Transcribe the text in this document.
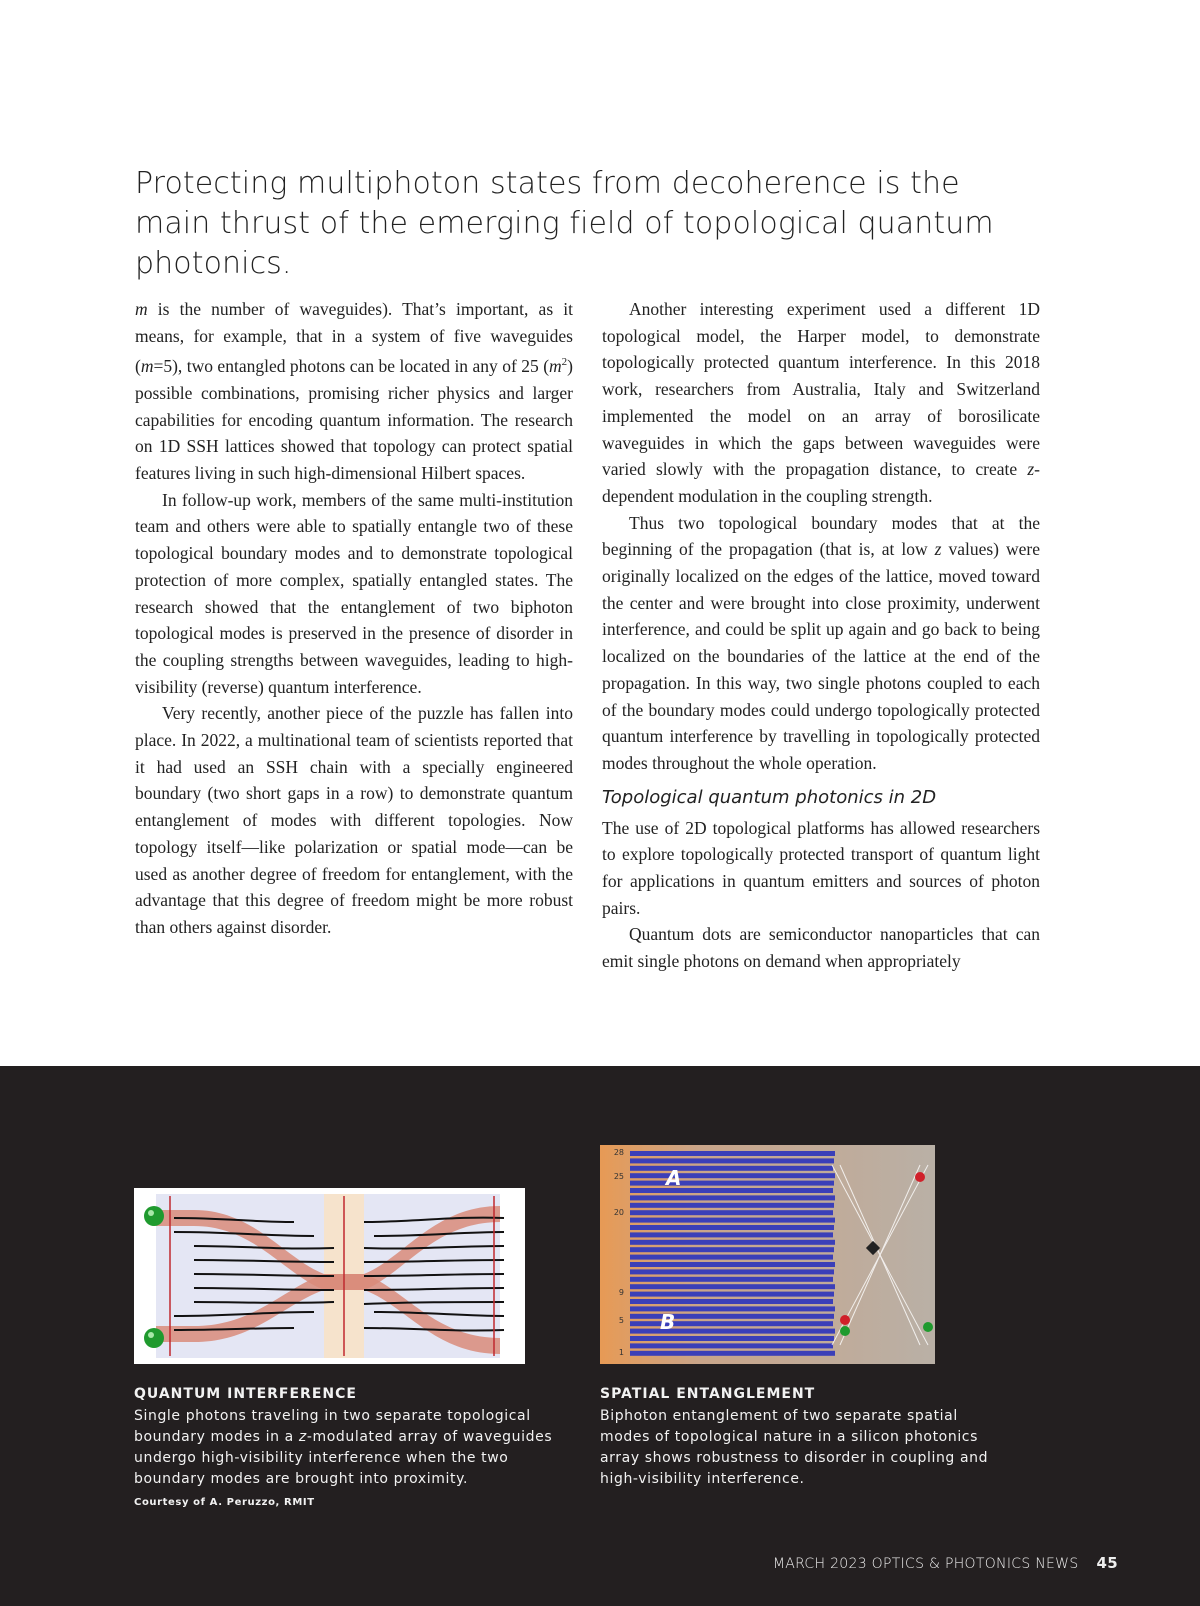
Protecting multiphoton states from decoherence is the main thrust of the emerging field of topological quantum photonics.

m is the number of waveguides). That’s important, as it means, for example, that in a system of five waveguides (m=5), two entangled photons can be located in any of 25 $(m^2)$ possible combinations, promising richer physics and larger capabilities for encoding quantum information. The research on 1D SSH lattices showed that topology can protect spatial features living in such high-dimensional Hilbert spaces.

In follow-up work, members of the same multi-institution team and others were able to spatially entangle two of these topological boundary modes and to demonstrate topological protection of more complex, spatially entangled states. The research showed that the entanglement of two biphoton topological modes is preserved in the presence of disorder in the coupling strengths between waveguides, leading to high-visibility (reverse) quantum interference.

Very recently, another piece of the puzzle has fallen into place. In 2022, a multinational team of scientists reported that it had used an SSH chain with a specially engineered boundary (two short gaps in a row) to demonstrate quantum entanglement of modes with different topologies. Now topology itself—like polarization or spatial mode—can be used as another degree of freedom for entanglement, with the advantage that this degree of freedom might be more robust than others against disorder.

Another interesting experiment used a different 1D topological model, the Harper model, to demonstrate topologically protected quantum interference. In this 2018 work, researchers from Australia, Italy and Switzerland implemented the model on an array of borosilicate waveguides in which the gaps between waveguides were varied slowly with the propagation distance, to create z-dependent modulation in the coupling strength.

Thus two topological boundary modes that at the beginning of the propagation (that is, at low z values) were originally localized on the edges of the lattice, moved toward the center and were brought into close proximity, underwent interference, and could be split up again and go back to being localized on the boundaries of the lattice at the end of the propagation. In this way, two single photons coupled to each of the boundary modes could undergo topologically protected quantum interference by travelling in topologically protected modes throughout the whole operation.

Topological quantum photonics in 2D

The use of 2D topological platforms has allowed researchers to explore topologically protected transport of quantum light for applications in quantum emitters and sources of photon pairs.

Quantum dots are semiconductor nanoparticles that can emit single photons on demand when appropriately

A
B
28
25
20
9
5
1
QUANTUM INTERFERENCE
Single photons traveling in two separate topological boundary modes in a z-modulated array of waveguides undergo high-visibility interference when the two boundary modes are brought into proximity.
Courtesy of A. Peruzzo, RMIT
SPATIAL ENTANGLEMENT
Biphoton entanglement of two separate spatial modes of topological nature in a silicon photonics array shows robustness to disorder in coupling and high-visibility interference.
MARCH 2023 OPTICS & PHOTONICS NEWS 45
